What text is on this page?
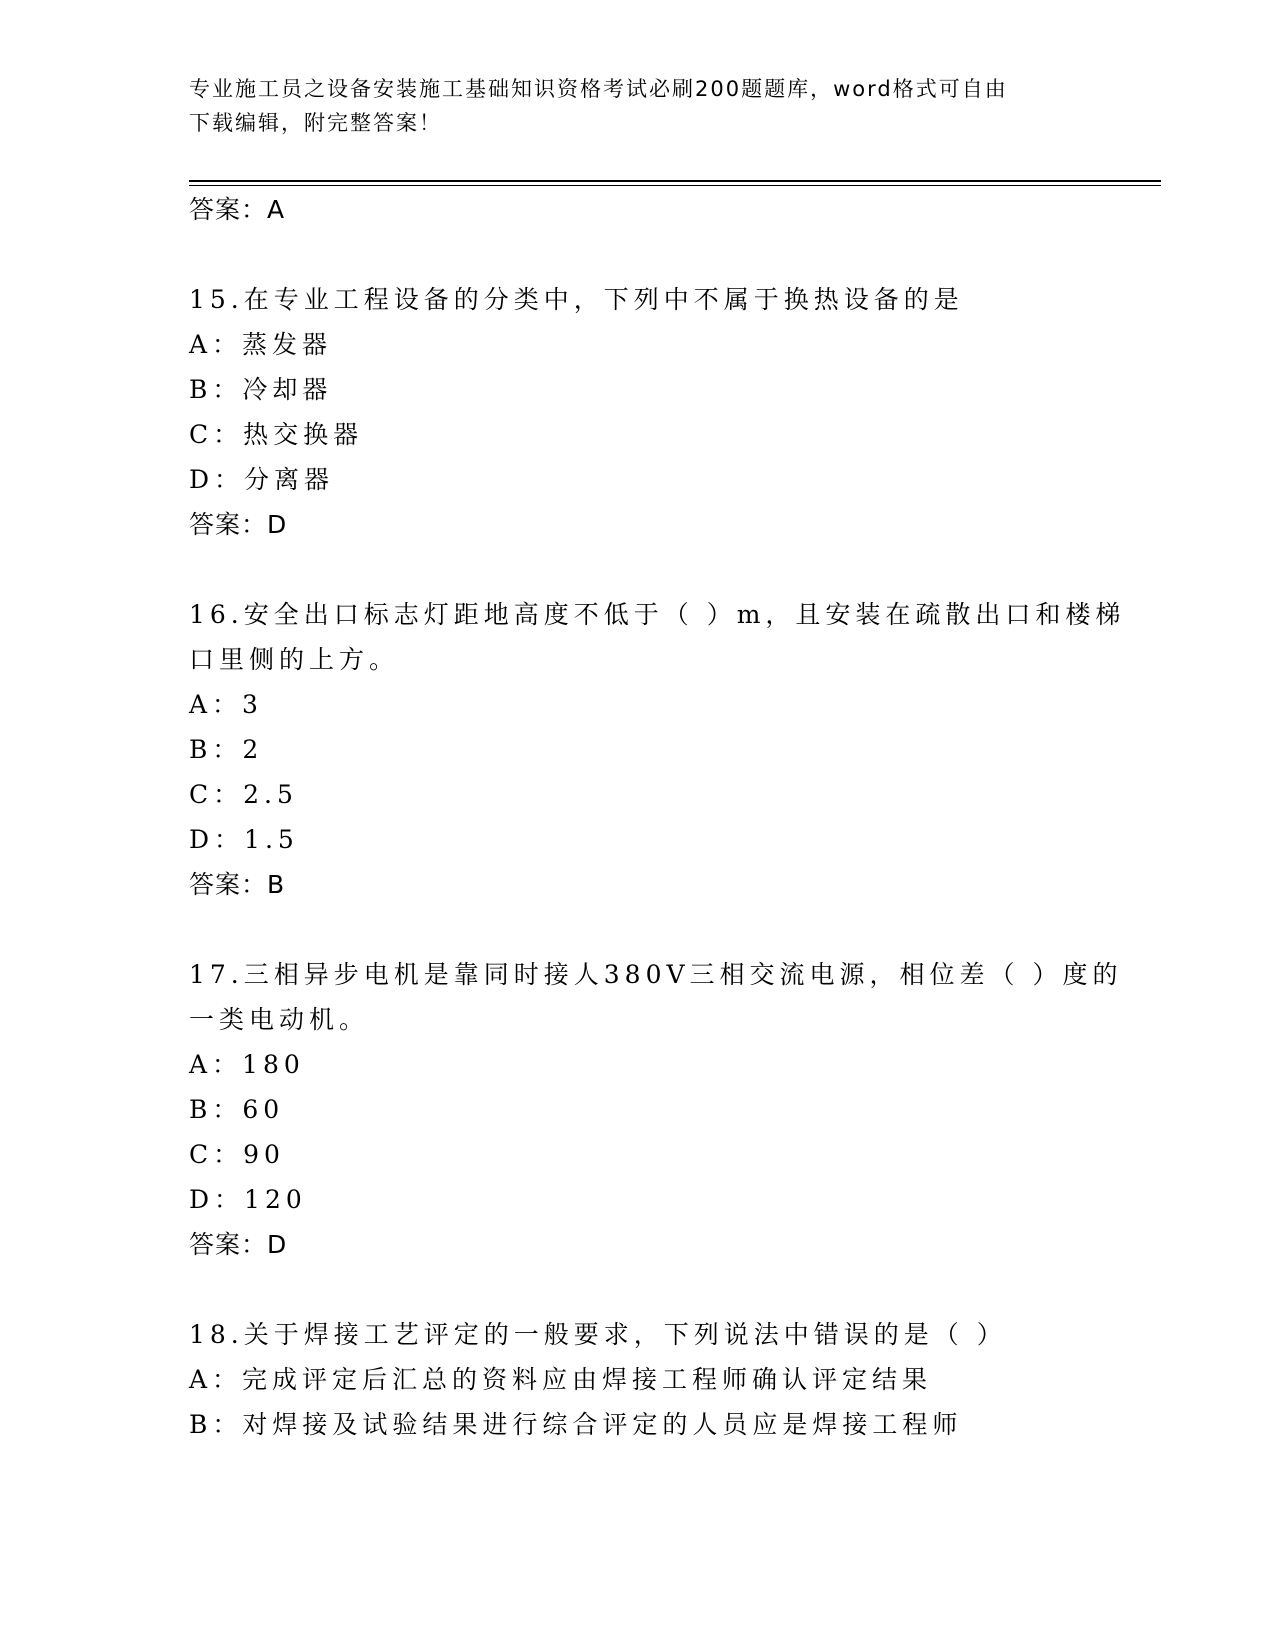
专业施工员之设备安装施工基础知识资格考试必刷200题题库，word格式可自由
下载编辑，附完整答案！
答案：A
15.在专业工程设备的分类中，下列中不属于换热设备的是
A：蒸发器
B：冷却器
C：热交换器
D：分离器
答案：D
16.安全出口标志灯距地高度不低于（ ）m，且安装在疏散出口和楼梯
口里侧的上方。
A：3
B：2
C：2.5
D：1.5
答案：B
17.三相异步电机是靠同时接人380V三相交流电源，相位差（ ）度的
一类电动机。
A：180
B：60
C：90
D：120
答案：D
18.关于焊接工艺评定的一般要求，下列说法中错误的是（ ）
A：完成评定后汇总的资料应由焊接工程师确认评定结果
B：对焊接及试验结果进行综合评定的人员应是焊接工程师
